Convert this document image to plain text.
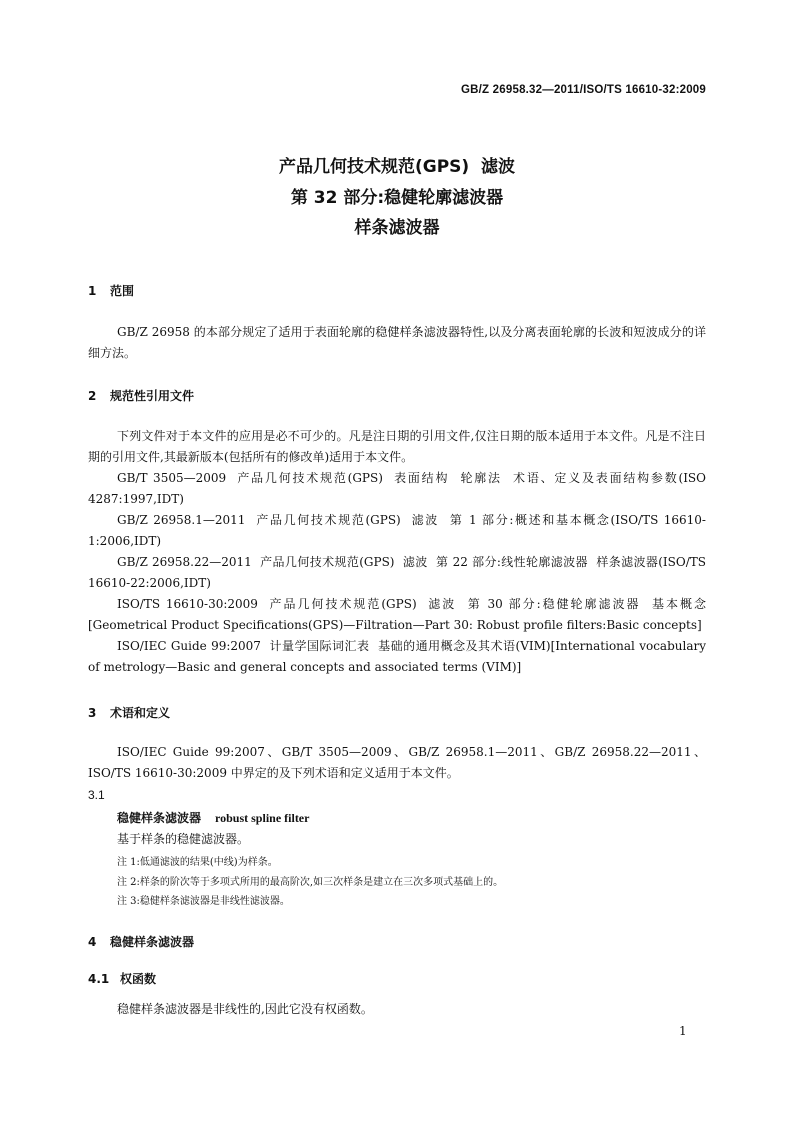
GB/Z 26958.32—2011/ISO/TS 16610-32:2009
产品几何技术规范(GPS)  滤波
第 32 部分:稳健轮廓滤波器
样条滤波器
1 范围

GB/Z 26958 的本部分规定了适用于表面轮廓的稳健样条滤波器特性,以及分离表面轮廓的长波和短波成分的详细方法。

2 规范性引用文件

下列文件对于本文件的应用是必不可少的。凡是注日期的引用文件,仅注日期的版本适用于本文件。凡是不注日期的引用文件,其最新版本(包括所有的修改单)适用于本文件。

GB/T 3505—2009  产品几何技术规范(GPS)  表面结构  轮廓法  术语、定义及表面结构参数(ISO 4287:1997,IDT)

GB/Z 26958.1—2011  产品几何技术规范(GPS)  滤波  第 1 部分:概述和基本概念(ISO/TS 16610-1:2006,IDT)

GB/Z 26958.22—2011  产品几何技术规范(GPS)  滤波  第 22 部分:线性轮廓滤波器  样条滤波器(ISO/TS 16610-22:2006,IDT)

ISO/TS 16610-30:2009  产品几何技术规范(GPS)  滤波  第 30 部分:稳健轮廓滤波器  基本概念[Geometrical Product Specifications(GPS)—Filtration—Part 30: Robust profile filters:Basic concepts]

ISO/IEC Guide 99:2007  计量学国际词汇表  基础的通用概念及其术语(VIM)[International vocabulary of metrology—Basic and general concepts and associated terms (VIM)]

3 术语和定义

ISO/IEC Guide 99:2007、GB/T 3505—2009、GB/Z 26958.1—2011、GB/Z 26958.22—2011、ISO/TS 16610-30:2009 中界定的及下列术语和定义适用于本文件。

3.1
稳健样条滤波器 robust spline filter
基于样条的稳健滤波器。
注 1:低通滤波的结果(中线)为样条。
注 2:样条的阶次等于多项式所用的最高阶次,如三次样条是建立在三次多项式基础上的。
注 3:稳健样条滤波器是非线性滤波器。
4 稳健样条滤波器
4.1 权函数

稳健样条滤波器是非线性的,因此它没有权函数。

1
